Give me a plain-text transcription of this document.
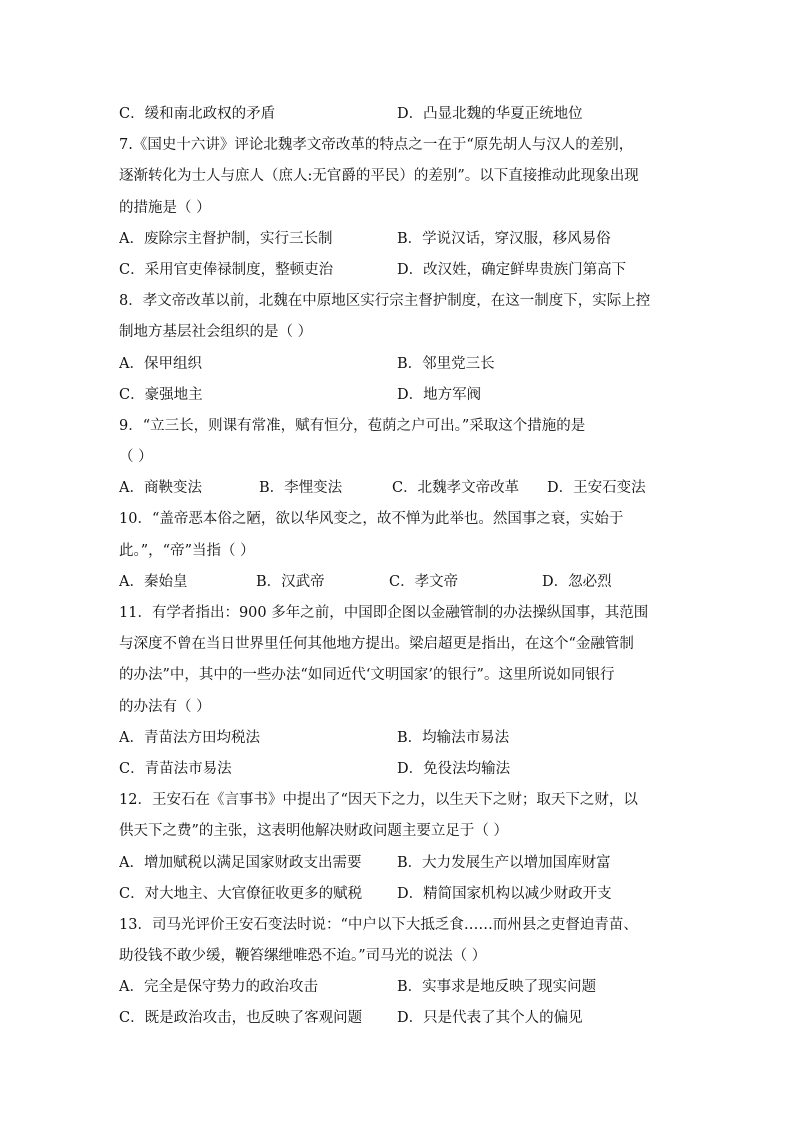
C．缓和南北政权的矛盾	D．凸显北魏的华夏正统地位
7.《国史十六讲》评论北魏孝文帝改革的特点之一在于“原先胡人与汉人的差别，
逐渐转化为士人与庶人（庶人:无官爵的平民）的差别”。以下直接推动此现象出现
的措施是（ ）
A．废除宗主督护制，实行三长制	B．学说汉话，穿汉服，移风易俗
C．采用官吏俸禄制度，整顿吏治	D．改汉姓，确定鲜卑贵族门第高下
8．孝文帝改革以前，北魏在中原地区实行宗主督护制度，在这一制度下，实际上控
制地方基层社会组织的是（ ）
A．保甲组织	B．邻里党三长
C．豪强地主	D．地方军阀
9．“立三长，则课有常准，赋有恒分，苞荫之户可出。”采取这个措施的是
（ ）
A．商鞅变法	B．李悝变法	C．北魏孝文帝改革	D．王安石变法
10．“盖帝恶本俗之陋，欲以华风变之，故不惮为此举也。然国事之衰，实始于
此。”，“帝”当指（ ）
A．秦始皇	B．汉武帝	C．孝文帝	D．忽必烈
11．有学者指出：900 多年之前，中国即企图以金融管制的办法操纵国事，其范围
与深度不曾在当日世界里任何其他地方提出。梁启超更是指出，在这个“金融管制
的办法”中，其中的一些办法“如同近代‘文明国家’的银行”。这里所说如同银行
的办法有（ ）
A．青苗法方田均税法	B．均输法市易法
C．青苗法市易法	D．免役法均输法
12．王安石在《言事书》中提出了“因天下之力，以生天下之财；取天下之财，以
供天下之费”的主张，这表明他解决财政问题主要立足于（ ）
A．增加赋税以满足国家财政支出需要	B．大力发展生产以增加国库财富
C．对大地主、大官僚征收更多的赋税	D．精简国家机构以减少财政开支
13．司马光评价王安石变法时说：“中户以下大抵乏食……而州县之吏督迫青苗、
助役钱不敢少缓，鞭笞缧绁唯恐不迨。”司马光的说法（ ）
A．完全是保守势力的政治攻击	B．实事求是地反映了现实问题
C．既是政治攻击，也反映了客观问题	D．只是代表了其个人的偏见
